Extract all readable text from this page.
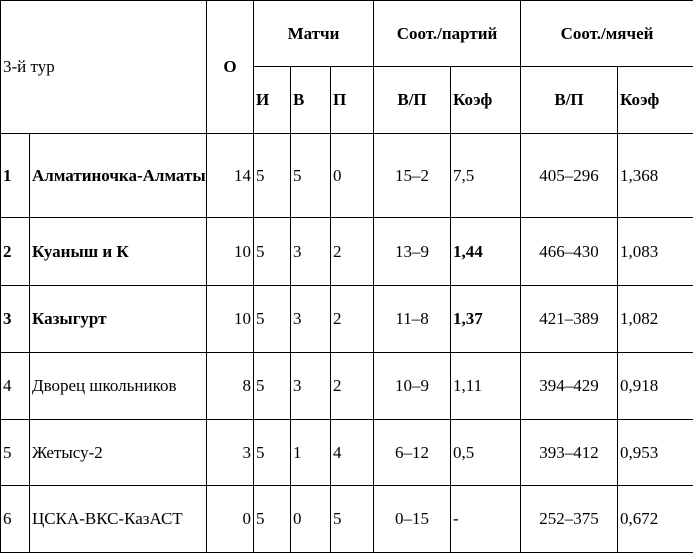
3-й тур		О	Матчи			Соот./партий		Соот./мячей	
			И	В	П	В/П	Коэф	В/П	Коэф
1	Алматиночка-Алматы	14	5	5	0	15–2	7,5	405–296	1,368
2	Куаныш и К	10	5	3	2	13–9	1,44	466–430	1,083
3	Казыгурт	10	5	3	2	11–8	1,37	421–389	1,082
4	Дворец школьников	8	5	3	2	10–9	1,11	394–429	0,918
5	Жетысу-2	3	5	1	4	6–12	0,5	393–412	0,953
6	ЦСКА-ВКС-КазАСТ	0	5	0	5	0–15	-	252–375	0,672
